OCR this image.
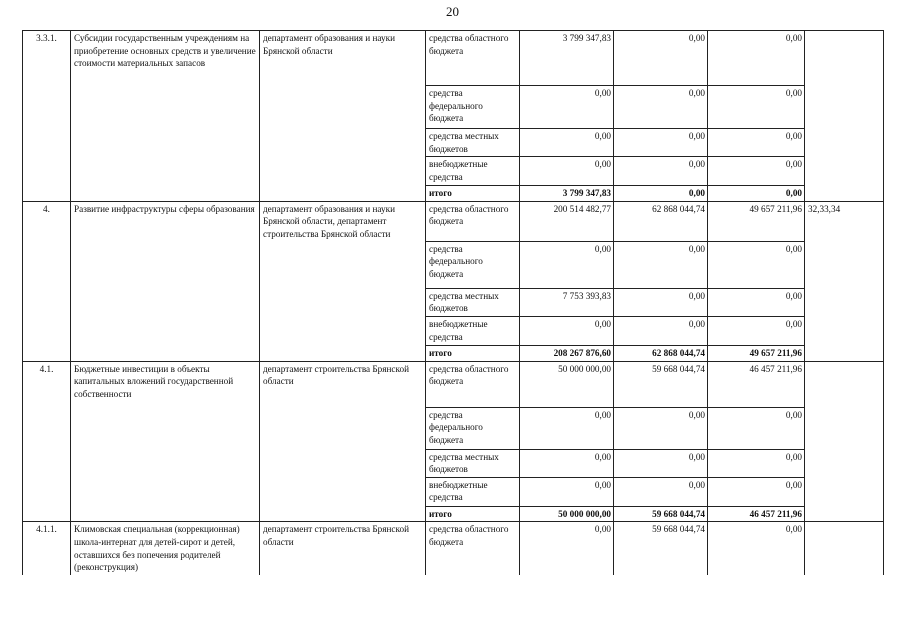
20
3.3.1.	Субсидии государственным учреждениям на приобретение основных средств и увеличение стоимости материальных запасов	департамент образования и науки Брянской области	средства областного бюджета	3 799 347,83	0,00	0,00	
			средства федерального бюджета	0,00	0,00	0,00	
			средства местных бюджетов	0,00	0,00	0,00	
			внебюджетные средства	0,00	0,00	0,00	
			итого	3 799 347,83	0,00	0,00	
4.	Развитие инфраструктуры сферы образования	департамент образования и науки Брянской области, департамент строительства Брянской области	средства областного бюджета	200 514 482,77	62 868 044,74	49 657 211,96	32,33,34
			средства федерального бюджета	0,00	0,00	0,00	
			средства местных бюджетов	7 753 393,83	0,00	0,00	
			внебюджетные средства	0,00	0,00	0,00	
			итого	208 267 876,60	62 868 044,74	49 657 211,96	
4.1.	Бюджетные инвестиции в объекты капитальных вложений государственной собственности	департамент строительства Брянской области	средства областного бюджета	50 000 000,00	59 668 044,74	46 457 211,96	
			средства федерального бюджета	0,00	0,00	0,00	
			средства местных бюджетов	0,00	0,00	0,00	
			внебюджетные средства	0,00	0,00	0,00	
			итого	50 000 000,00	59 668 044,74	46 457 211,96	
4.1.1.	Климовская специальная (коррекционная) школа-интернат для детей-сирот и детей, оставшихся без попечения родителей (реконструкция)	департамент строительства Брянской области	средства областного бюджета	0,00	59 668 044,74	0,00	
